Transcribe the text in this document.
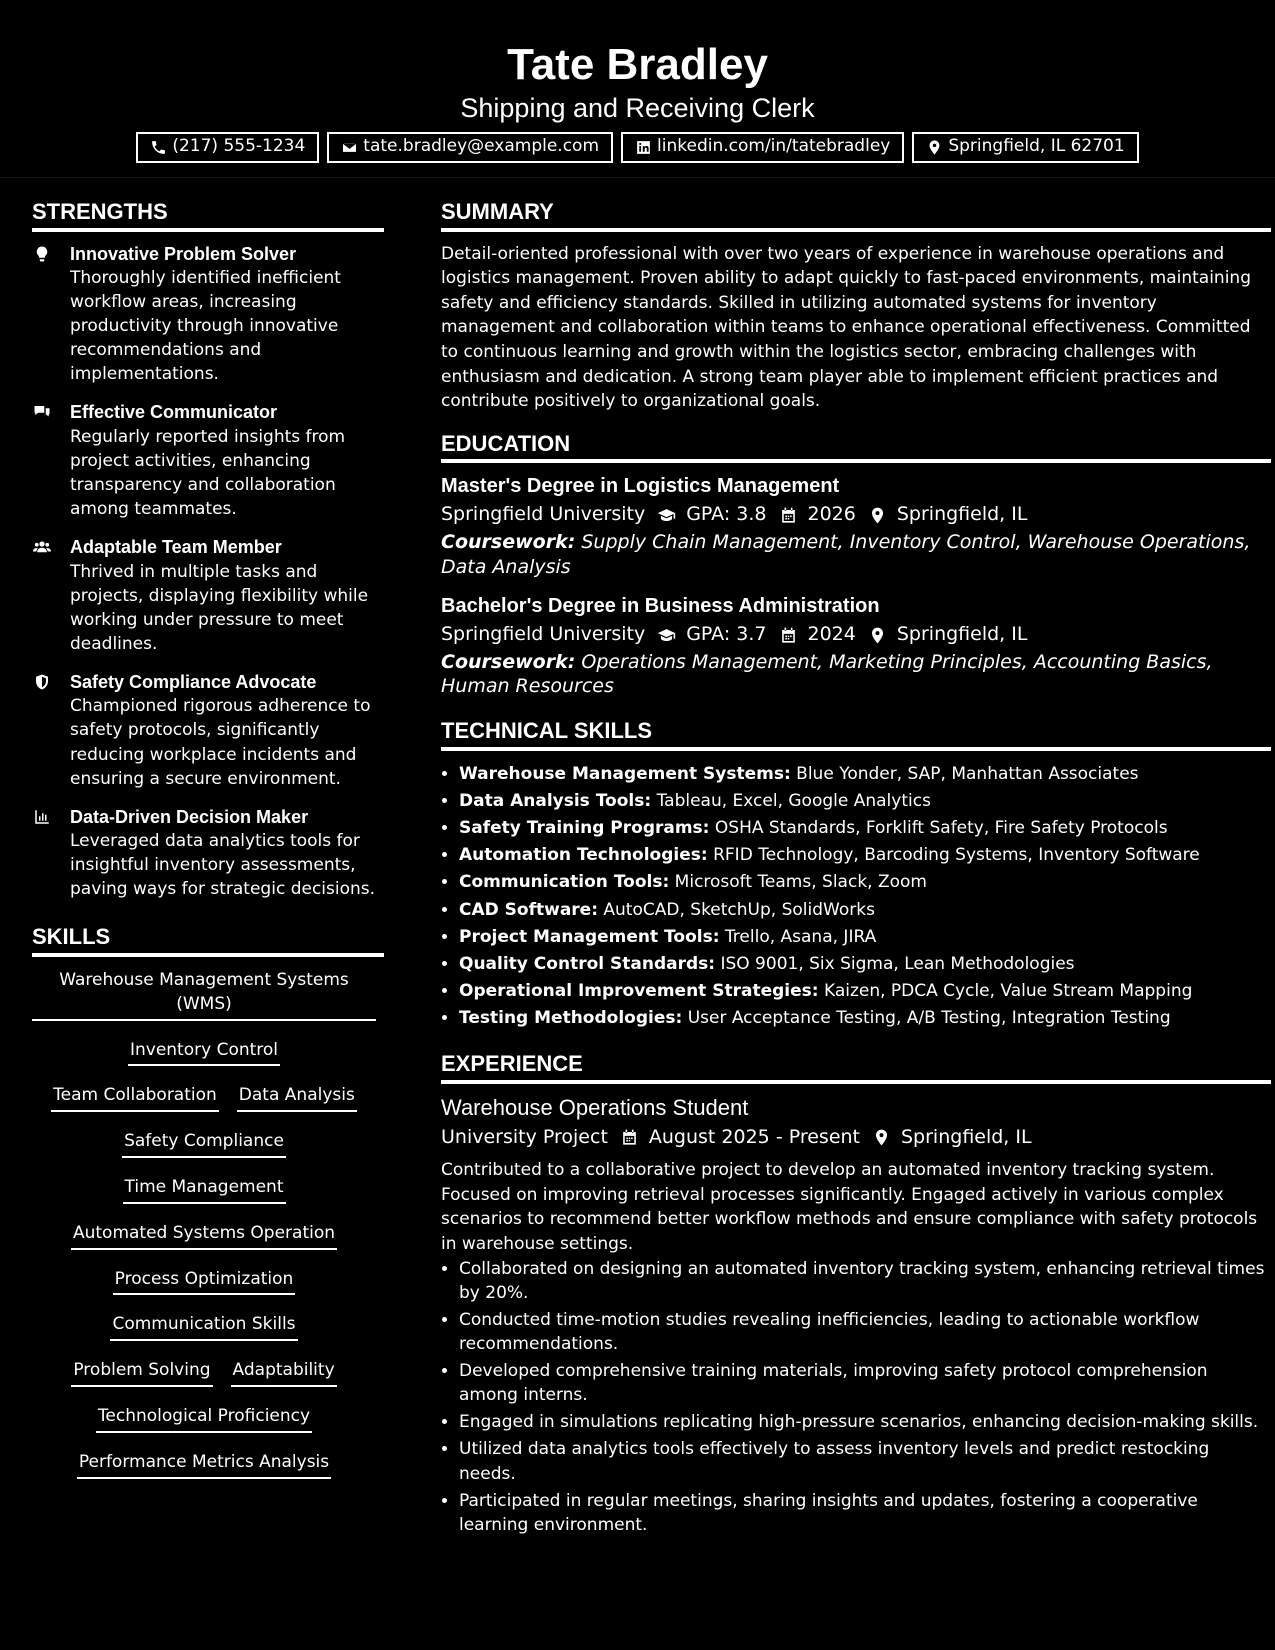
Tate Bradley
Shipping and Receiving Clerk
(217) 555-1234	tate.bradley@example.com	linkedin.com/in/tatebradley	Springfield, IL 62701
STRENGTHS
Innovative Problem Solver
Thoroughly identified inefficient workflow areas, increasing productivity through innovative recommendations and implementations.
Effective Communicator
Regularly reported insights from project activities, enhancing transparency and collaboration among teammates.
Adaptable Team Member
Thrived in multiple tasks and projects, displaying flexibility while working under pressure to meet deadlines.
Safety Compliance Advocate
Championed rigorous adherence to safety protocols, significantly reducing workplace incidents and ensuring a secure environment.
Data-Driven Decision Maker
Leveraged data analytics tools for insightful inventory assessments, paving ways for strategic decisions.
SKILLS
Warehouse Management Systems (WMS)
Inventory Control
Team Collaboration Data Analysis
Safety Compliance
Time Management
Automated Systems Operation
Process Optimization
Communication Skills
Problem Solving Adaptability
Technological Proficiency
Performance Metrics Analysis
SUMMARY
Detail-oriented professional with over two years of experience in warehouse operations and logistics management. Proven ability to adapt quickly to fast-paced environments, maintaining safety and efficiency standards. Skilled in utilizing automated systems for inventory management and collaboration within teams to enhance operational effectiveness. Committed to continuous learning and growth within the logistics sector, embracing challenges with enthusiasm and dedication. A strong team player able to implement efficient practices and contribute positively to organizational goals.
EDUCATION
Master's Degree in Logistics Management
Springfield University GPA: 3.8 2026 Springfield, IL
Coursework: Supply Chain Management, Inventory Control, Warehouse Operations, Data Analysis
Bachelor's Degree in Business Administration
Springfield University GPA: 3.7 2024 Springfield, IL
Coursework: Operations Management, Marketing Principles, Accounting Basics, Human Resources
TECHNICAL SKILLS
• Warehouse Management Systems: Blue Yonder, SAP, Manhattan Associates
• Data Analysis Tools: Tableau, Excel, Google Analytics
• Safety Training Programs: OSHA Standards, Forklift Safety, Fire Safety Protocols
• Automation Technologies: RFID Technology, Barcoding Systems, Inventory Software
• Communication Tools: Microsoft Teams, Slack, Zoom
• CAD Software: AutoCAD, SketchUp, SolidWorks
• Project Management Tools: Trello, Asana, JIRA
• Quality Control Standards: ISO 9001, Six Sigma, Lean Methodologies
• Operational Improvement Strategies: Kaizen, PDCA Cycle, Value Stream Mapping
• Testing Methodologies: User Acceptance Testing, A/B Testing, Integration Testing
EXPERIENCE
Warehouse Operations Student
University Project August 2025 - Present Springfield, IL
Contributed to a collaborative project to develop an automated inventory tracking system. Focused on improving retrieval processes significantly. Engaged actively in various complex scenarios to recommend better workflow methods and ensure compliance with safety protocols in warehouse settings.
• Collaborated on designing an automated inventory tracking system, enhancing retrieval times by 20%.
• Conducted time-motion studies revealing inefficiencies, leading to actionable workflow recommendations.
• Developed comprehensive training materials, improving safety protocol comprehension among interns.
• Engaged in simulations replicating high-pressure scenarios, enhancing decision-making skills.
• Utilized data analytics tools effectively to assess inventory levels and predict restocking needs.
• Participated in regular meetings, sharing insights and updates, fostering a cooperative learning environment.
